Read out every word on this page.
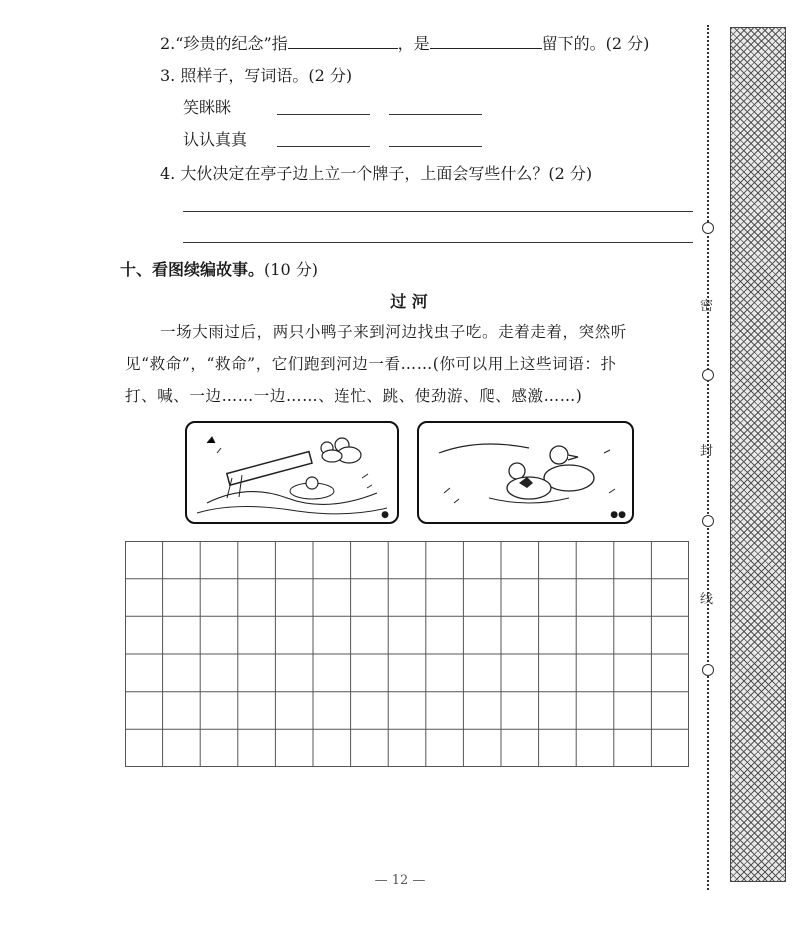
2.“珍贵的纪念”指	，是	留下的。(2 分)
3. 照样子，写词语。(2 分)
笑眯眯
认认真真
4. 大伙决定在亭子边上立一个牌子，上面会写些什么？(2 分)
十、看图续编故事。(10 分)
过 河
一场大雨过后，两只小鸭子来到河边找虫子吃。走着走着，突然听
见“救命”，“救命”，它们跑到河边一看……(你可以用上这些词语：扑
打、喊、一边……一边……、连忙、跳、使劲游、爬、感激……)
●	●●
密
封
线
— 12 —
